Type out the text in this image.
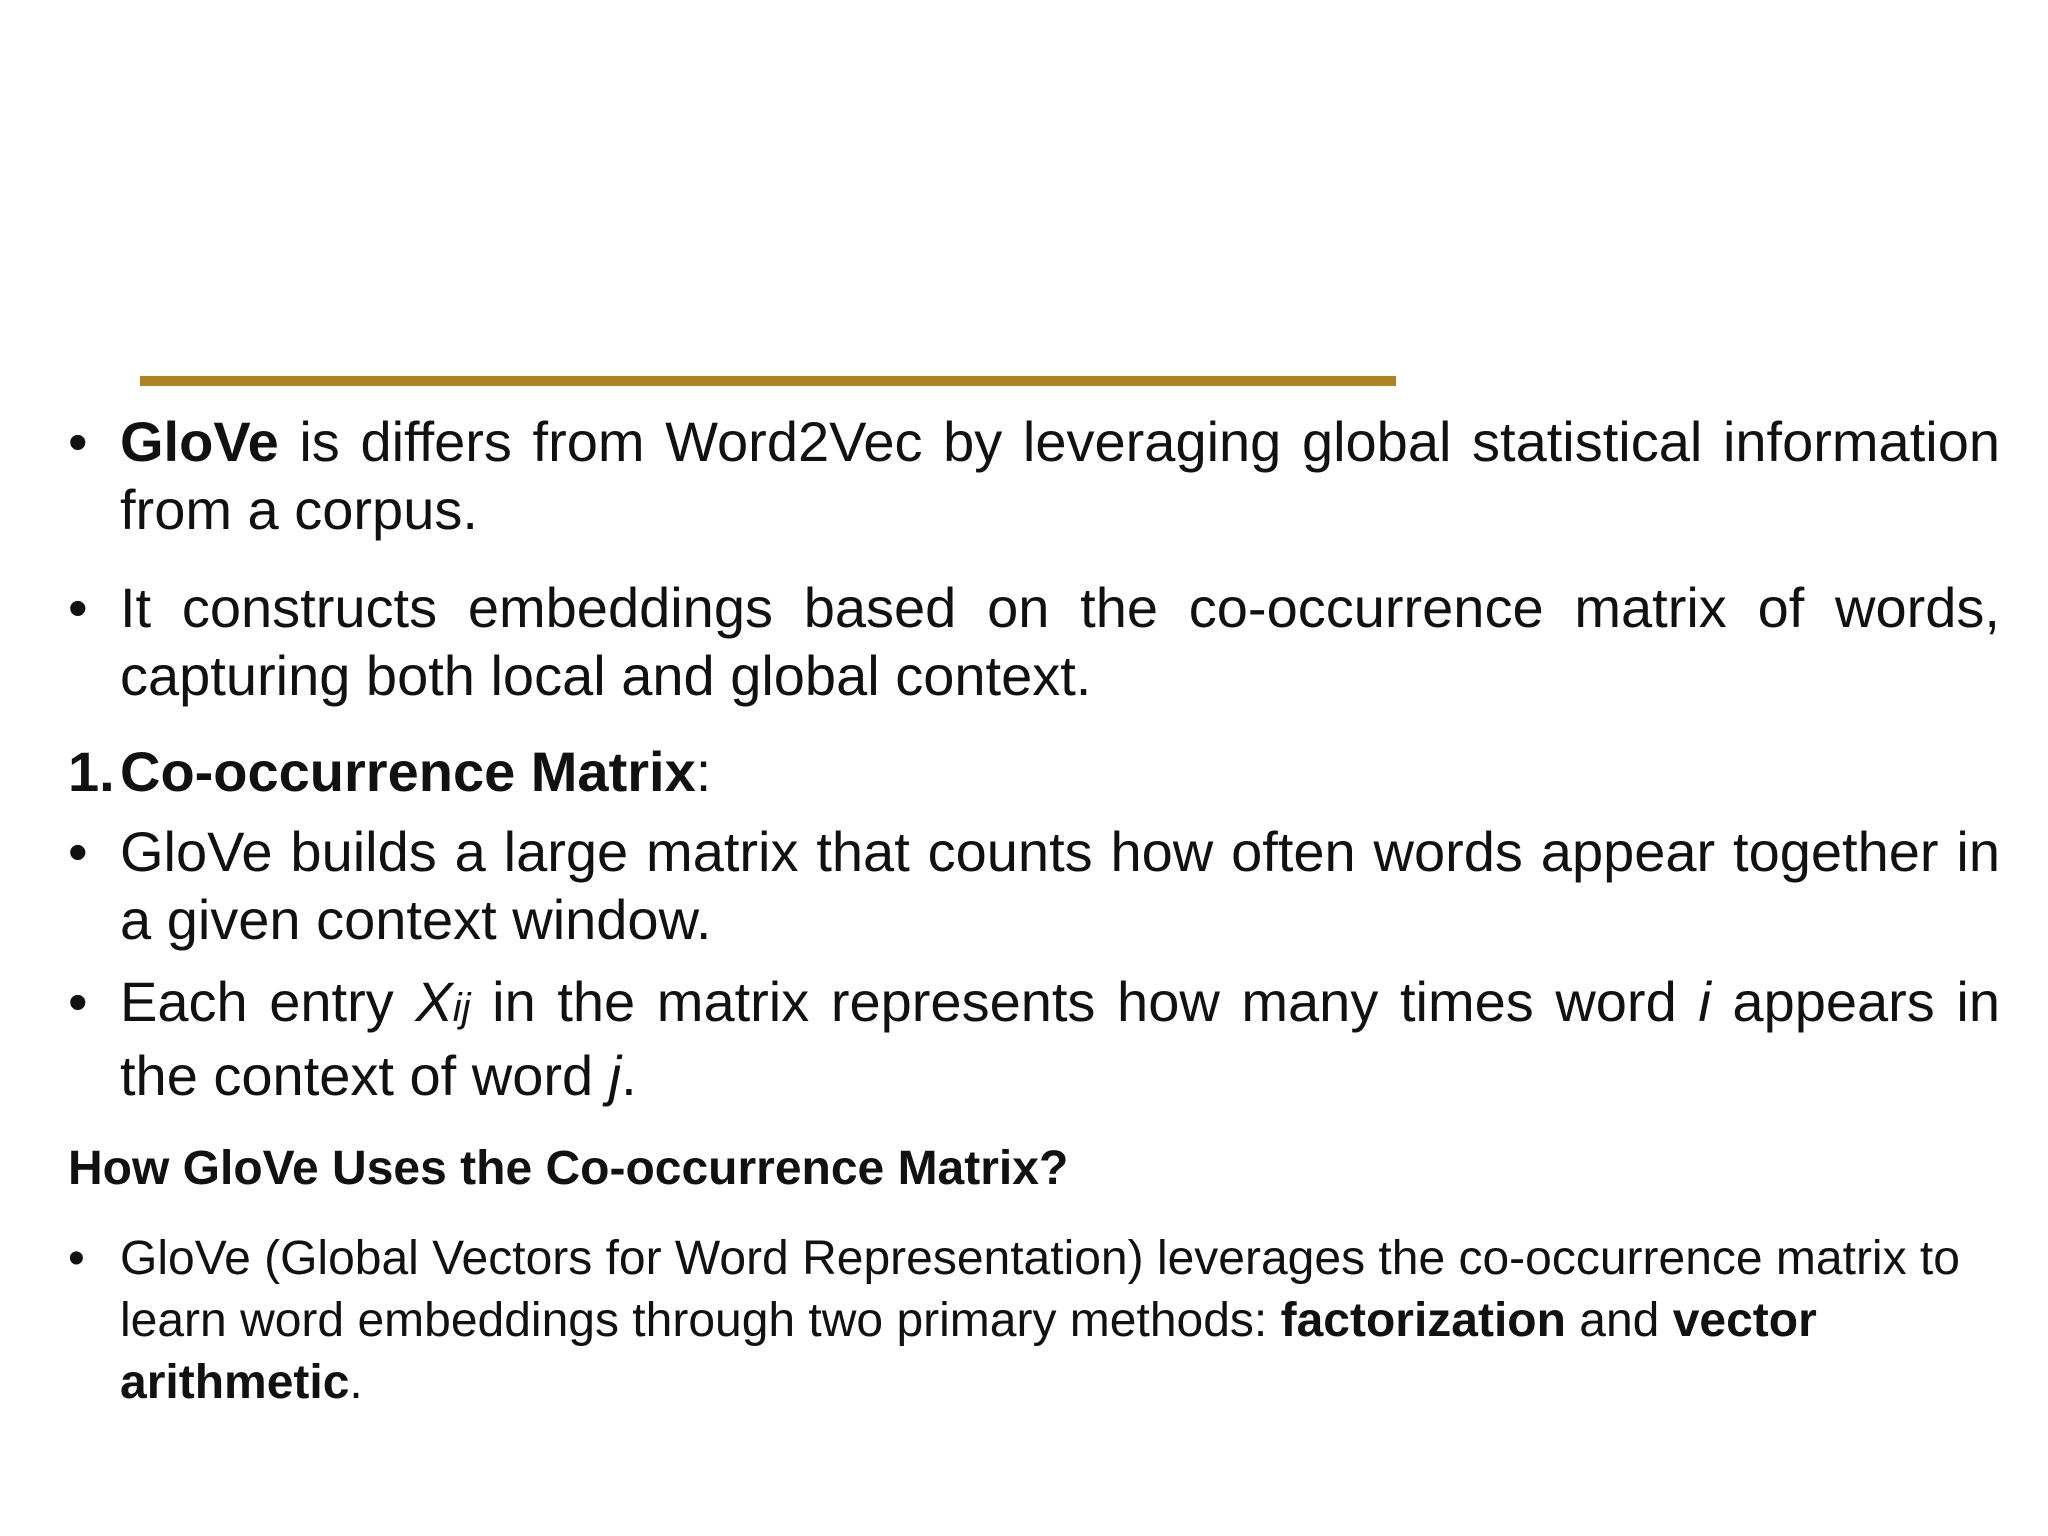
• GloVe is differs from Word2Vec by leveraging global statistical information from a corpus.
• It constructs embeddings based on the co-occurrence matrix of words, capturing both local and global context.
1.Co-occurrence Matrix:
• GloVe builds a large matrix that counts how often words appear together in a given context window.
• Each entry Xij in the matrix represents how many times word i appears in the context of word j.
How GloVe Uses the Co-occurrence Matrix?
• GloVe (Global Vectors for Word Representation) leverages the co-occurrence matrix to learn word embeddings through two primary methods: factorization and vector arithmetic.
